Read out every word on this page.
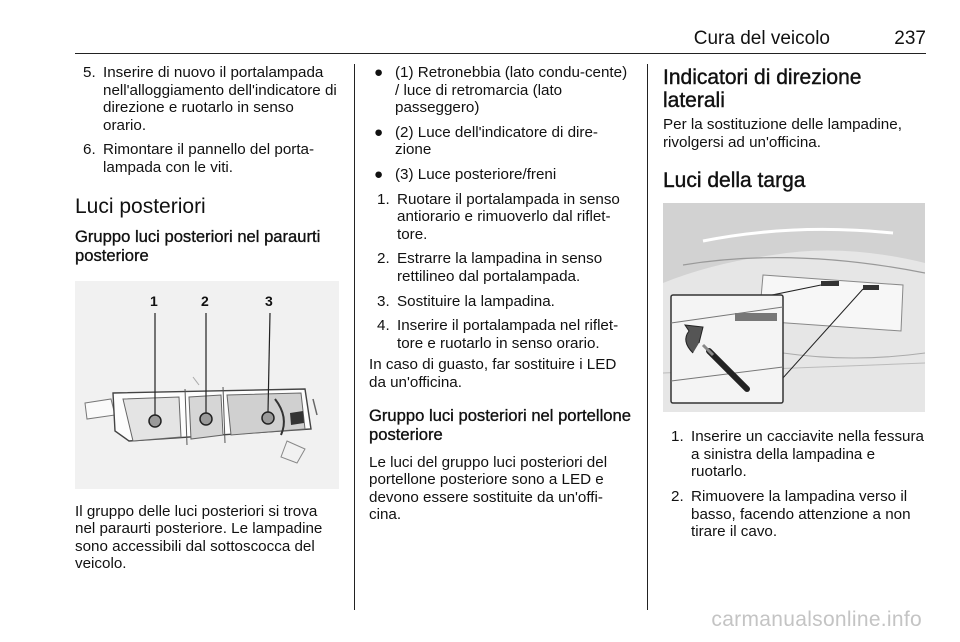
Cura del veicolo	237
5. Inserire di nuovo il portalampada nell'alloggiamento dell'indicatore di direzione e ruotarlo in senso orario.
6. Rimontare il pannello del porta-lampada con le viti.
Luci posteriori
Gruppo luci posteriori nel paraurti posteriore
1	2	3

Il gruppo delle luci posteriori si trova nel paraurti posteriore. Le lampadine sono accessibili dal sottoscocca del veicolo.

● (1) Retronebbia (lato condu-cente) / luce di retromarcia (lato passeggero)
● (2) Luce dell'indicatore di dire-zione
● (3) Luce posteriore/freni
1. Ruotare il portalampada in senso antiorario e rimuoverlo dal riflet-tore.
2. Estrarre la lampadina in senso rettilineo dal portalampada.
3. Sostituire la lampadina.
4. Inserire il portalampada nel riflet-tore e ruotarlo in senso orario.

In caso di guasto, far sostituire i LED da un'officina.

Gruppo luci posteriori nel portellone posteriore

Le luci del gruppo luci posteriori del portellone posteriore sono a LED e devono essere sostituite da un'offi-cina.

Indicatori di direzione laterali

Per la sostituzione delle lampadine, rivolgersi ad un'officina.

Luci della targa
1. Inserire un cacciavite nella fessura a sinistra della lampadina e ruotarlo.
2. Rimuovere la lampadina verso il basso, facendo attenzione a non tirare il cavo.
carmanualsonline.info
